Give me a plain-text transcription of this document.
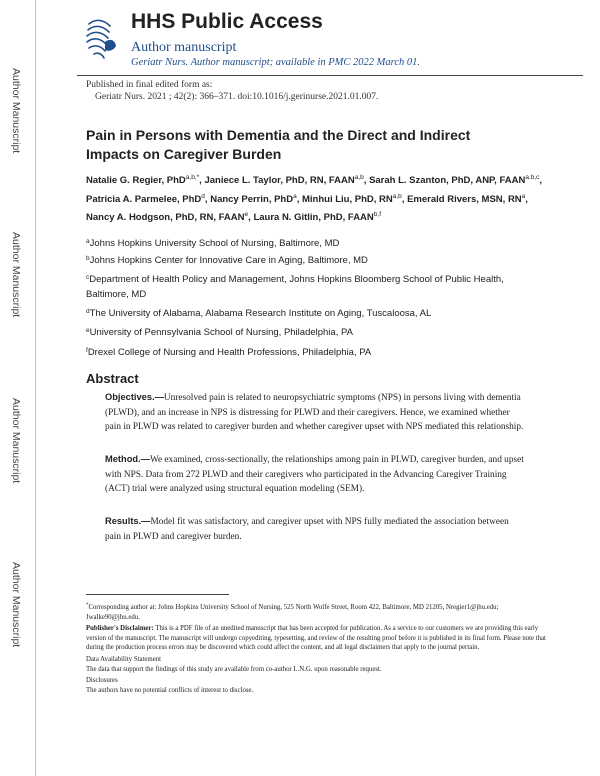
Author Manuscript
Author Manuscript
Author Manuscript
Author Manuscript
HHS Public Access
Author manuscript
Geriatr Nurs. Author manuscript; available in PMC 2022 March 01.
Published in final edited form as:
Geriatr Nurs. 2021 ; 42(2): 366–371. doi:10.1016/j.gerinurse.2021.01.007.
Pain in Persons with Dementia and the Direct and Indirect Impacts on Caregiver Burden
Natalie G. Regier, PhD$^{a,b,*}$, Janiece L. Taylor, PhD, RN, FAAN$^{a,b}$, Sarah L. Szanton, PhD, ANP, FAAN$^{a,b,c}$, Patricia A. Parmelee, PhD$^d$, Nancy Perrin, PhD$^a$, Minhui Liu, PhD, RN$^{a,b}$, Emerald Rivers, MSN, $RN^a$, Nancy A. Hodgson, PhD, RN, FAAN$^e$, Laura N. Gitlin, PhD, FAAN$^{b,f}$
$^a$Johns Hopkins University School of Nursing, Baltimore, MD
$^b$Johns Hopkins Center for Innovative Care in Aging, Baltimore, MD
$^c$Department of Health Policy and Management, Johns Hopkins Bloomberg School of Public Health, Baltimore, MD
$^d$The University of Alabama, Alabama Research Institute on Aging, Tuscaloosa, AL
$^e$University of Pennsylvania School of Nursing, Philadelphia, PA
$^f$Drexel College of Nursing and Health Professions, Philadelphia, PA
Abstract
Objectives.—Unresolved pain is related to neuropsychiatric symptoms (NPS) in persons living with dementia (PLWD), and an increase in NPS is distressing for PLWD and their caregivers. Hence, we examined whether pain in PLWD was related to caregiver burden and whether caregiver upset with NPS mediated this relationship.
Method.—We examined, cross-sectionally, the relationships among pain in PLWD, caregiver burden, and upset with NPS. Data from 272 PLWD and their caregivers who participated in the Advancing Caregiver Training (ACT) trial were analyzed using structural equation modeling (SEM).
Results.—Model fit was satisfactory, and caregiver upset with NPS fully mediated the association between pain in PLWD and caregiver burden.

*Corresponding author at: Johns Hopkins University School of Nursing, 525 North Wolfe Street, Room 422, Baltimore, MD 21205, Nregier1@jhu.edu; Jwalke90@jhu.edu.

Publisher's Disclaimer: This is a PDF file of an unedited manuscript that has been accepted for publication. As a service to our customers we are providing this early version of the manuscript. The manuscript will undergo copyediting, typesetting, and review of the resulting proof before it is published in its final form. Please note that during the production process errors may be discovered which could affect the content, and all legal disclaimers that apply to the journal pertain.

Data Availability Statement

The data that support the findings of this study are available from co-author L.N.G. upon reasonable request.

Disclosures

The authors have no potential conflicts of interest to disclose.
